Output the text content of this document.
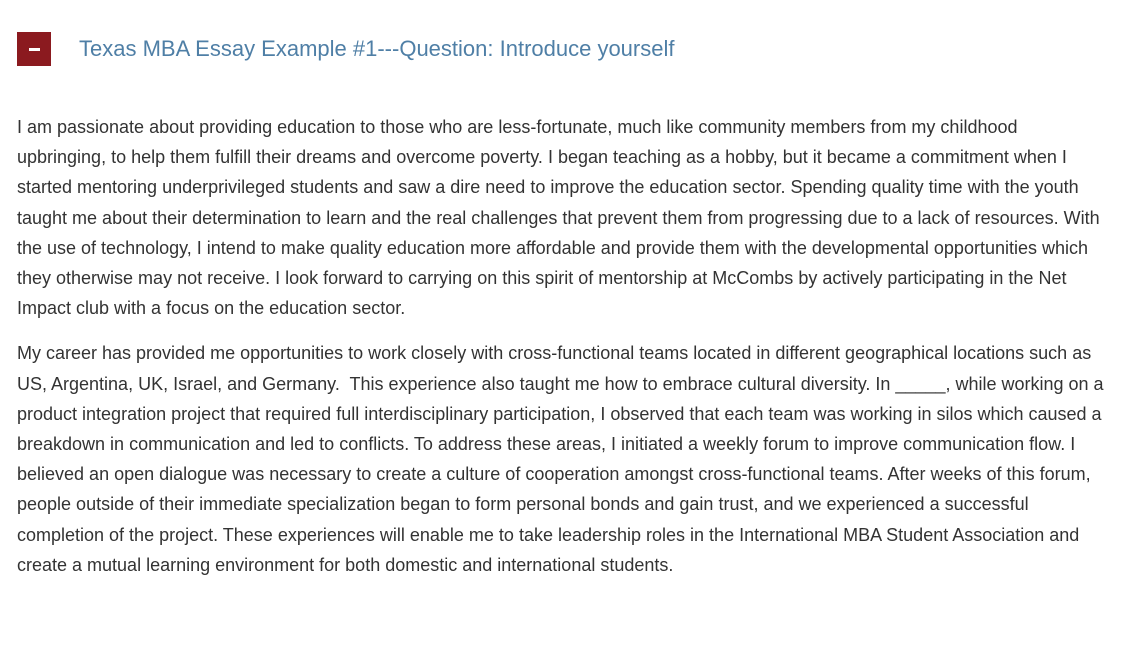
Texas MBA Essay Example #1---Question: Introduce yourself

I am passionate about providing education to those who are less-fortunate, much like community members from my childhood upbringing, to help them fulfill their dreams and overcome poverty. I began teaching as a hobby, but it became a commitment when I started mentoring underprivileged students and saw a dire need to improve the education sector. Spending quality time with the youth taught me about their determination to learn and the real challenges that prevent them from progressing due to a lack of resources. With the use of technology, I intend to make quality education more affordable and provide them with the developmental opportunities which they otherwise may not receive. I look forward to carrying on this spirit of mentorship at McCombs by actively participating in the Net Impact club with a focus on the education sector.

My career has provided me opportunities to work closely with cross-functional teams located in different geographical locations such as US, Argentina, UK, Israel, and Germany.  This experience also taught me how to embrace cultural diversity. In _____, while working on a product integration project that required full interdisciplinary participation, I observed that each team was working in silos which caused a breakdown in communication and led to conflicts. To address these areas, I initiated a weekly forum to improve communication flow. I believed an open dialogue was necessary to create a culture of cooperation amongst cross-functional teams. After weeks of this forum, people outside of their immediate specialization began to form personal bonds and gain trust, and we experienced a successful completion of the project. These experiences will enable me to take leadership roles in the International MBA Student Association and create a mutual learning environment for both domestic and international students.
